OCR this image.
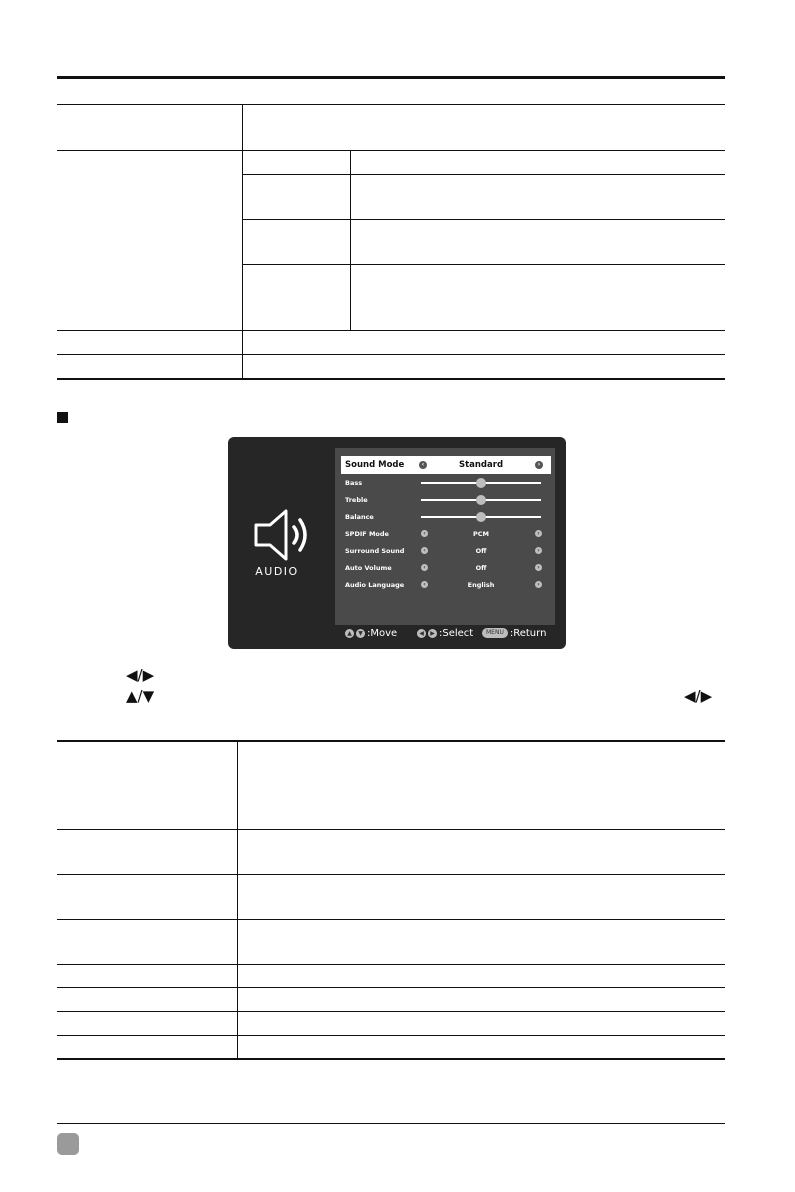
AUDIO
Sound Mode	‹	Standard	›
Bass
Treble
Balance
SPDIF Mode	‹	PCM	›
Surround Sound	‹	Off	›
Auto Volume	‹	Off	›
Audio Language	‹	English	›
▲ ▼ :Move	◀ ▶ :Select	MENU :Return
◀/▶
▲/▼	◀/▶
